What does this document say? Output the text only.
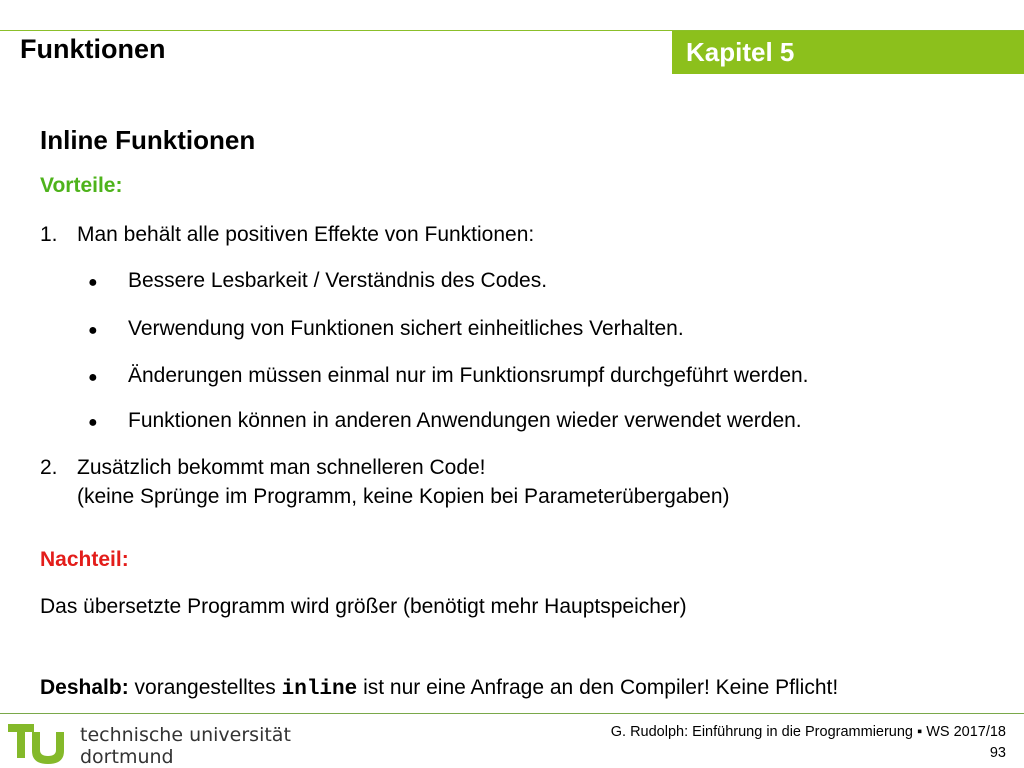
Funktionen	Kapitel 5
Inline Funktionen
Vorteile:
1. Man behält alle positiven Effekte von Funktionen:
● Bessere Lesbarkeit / Verständnis des Codes.
● Verwendung von Funktionen sichert einheitliches Verhalten.
● Änderungen müssen einmal nur im Funktionsrumpf durchgeführt werden.
● Funktionen können in anderen Anwendungen wieder verwendet werden.
2. Zusätzlich bekommt man schnelleren Code!
(keine Sprünge im Programm, keine Kopien bei Parameterübergaben)
Nachteil:
Das übersetzte Programm wird größer (benötigt mehr Hauptspeicher)
Deshalb: vorangestelltes inline ist nur eine Anfrage an den Compiler! Keine Pflicht!
technische universität
dortmund
G. Rudolph: Einführung in die Programmierung ▪ WS 2017/18
93
